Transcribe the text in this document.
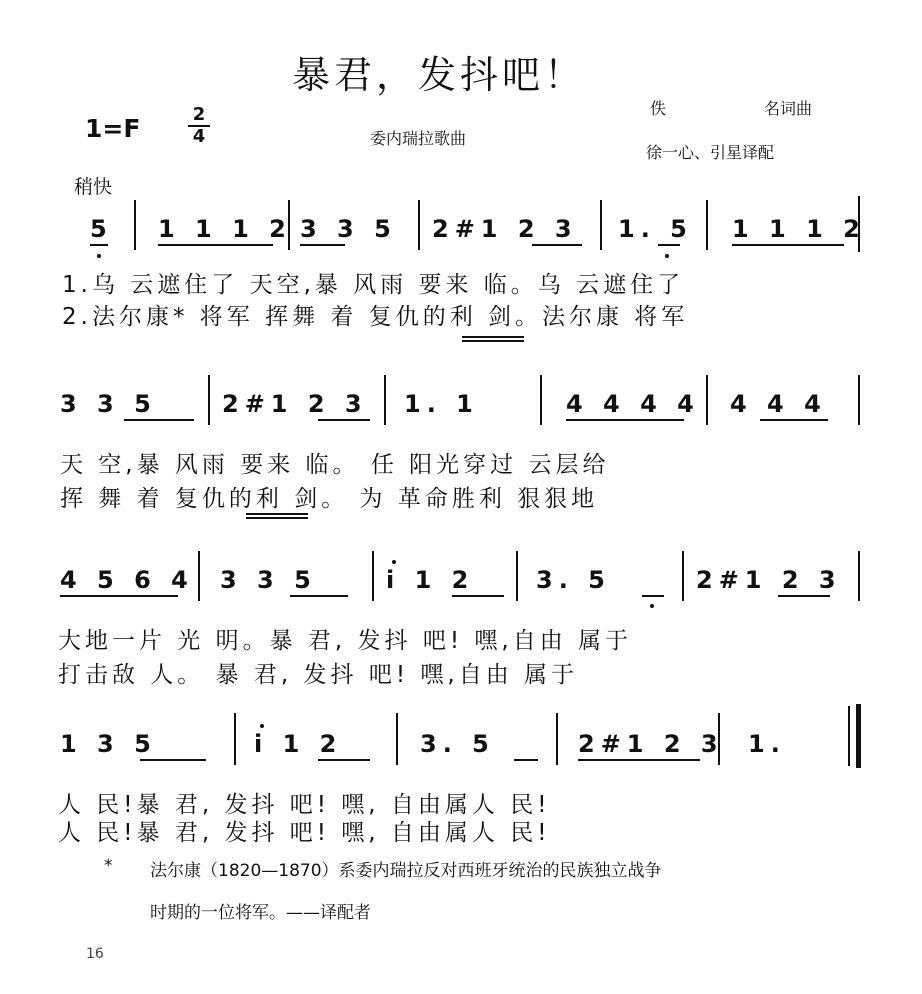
暴君，发抖吧！
1=F	2
4	委内瑞拉歌曲
佚	名词曲
徐一心、引星译配
稍快
5 1 1 1 2 3 3 5 2#1 2 3 1. 5 1 1 1 2
1.乌 云遮住了 天空,暴 风雨 要来 临。乌 云遮住了
2.法尔康* 将军 挥舞 着 复仇的利 剑。法尔康 将军
3 3 5	2#1 2 3 1. 1	4 4 4 4 4 4 4
天 空,暴 风雨 要来 临。 任 阳光穿过 云层给
挥 舞 着 复仇的利 剑。 为 革命胜利 狠狠地
4 5 6 4 3 3 5	i 1 2	3. 5	2#1 2 3
大地一片 光 明。暴 君, 发抖 吧! 嘿,自由 属于
打击敌 人。 暴 君, 发抖 吧! 嘿,自由 属于
1 3 5	i 1 2	3. 5	2#1 2 3 1.
人 民!暴 君, 发抖 吧! 嘿, 自由属人 民!
人 民!暴 君, 发抖 吧! 嘿, 自由属人 民!
* 法尔康（1820—1870）系委内瑞拉反对西班牙统治的民族独立战争
时期的一位将军。——译配者
16
